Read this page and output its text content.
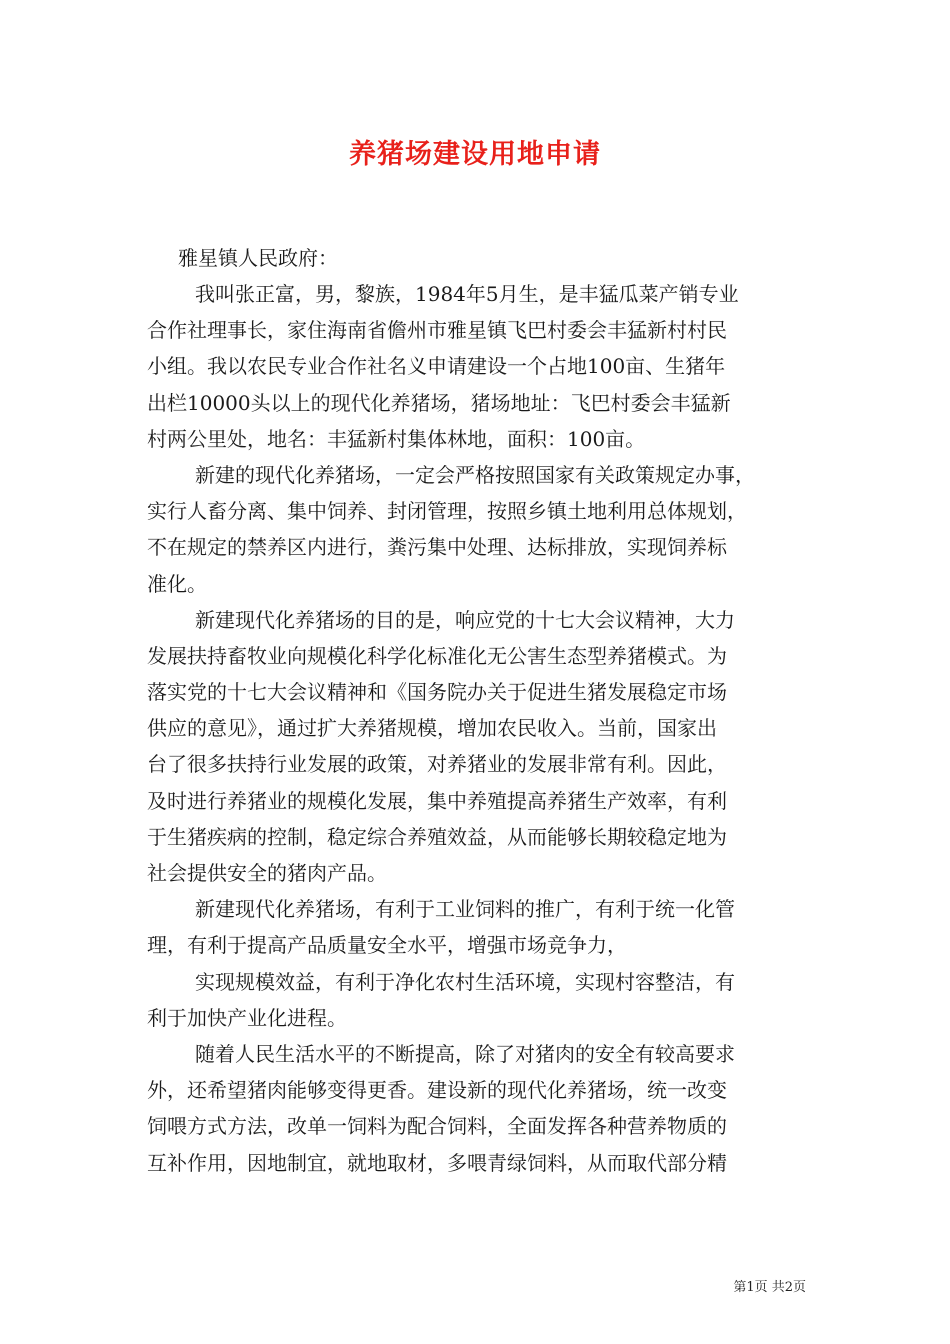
养猪场建设用地申请
雅星镇人民政府：
我叫张正富，男，黎族，1984年5月生，是丰猛瓜菜产销专业
合作社理事长，家住海南省儋州市雅星镇飞巴村委会丰猛新村村民
小组。我以农民专业合作社名义申请建设一个占地100亩、生猪年
出栏10000头以上的现代化养猪场，猪场地址：飞巴村委会丰猛新
村两公里处，地名：丰猛新村集体林地，面积：100亩。
新建的现代化养猪场，一定会严格按照国家有关政策规定办事，
实行人畜分离、集中饲养、封闭管理，按照乡镇土地利用总体规划，
不在规定的禁养区内进行，粪污集中处理、达标排放，实现饲养标
准化。
新建现代化养猪场的目的是，响应党的十七大会议精神，大力
发展扶持畜牧业向规模化科学化标准化无公害生态型养猪模式。为
落实党的十七大会议精神和《国务院办关于促进生猪发展稳定市场
供应的意见》，通过扩大养猪规模，增加农民收入。当前，国家出
台了很多扶持行业发展的政策，对养猪业的发展非常有利。因此，
及时进行养猪业的规模化发展，集中养殖提高养猪生产效率，有利
于生猪疾病的控制，稳定综合养殖效益，从而能够长期较稳定地为
社会提供安全的猪肉产品。
新建现代化养猪场，有利于工业饲料的推广，有利于统一化管
理，有利于提高产品质量安全水平，增强市场竞争力，
实现规模效益，有利于净化农村生活环境，实现村容整洁，有
利于加快产业化进程。
随着人民生活水平的不断提高，除了对猪肉的安全有较高要求
外，还希望猪肉能够变得更香。建设新的现代化养猪场，统一改变
饲喂方式方法，改单一饲料为配合饲料，全面发挥各种营养物质的
互补作用，因地制宜，就地取材，多喂青绿饲料，从而取代部分精
第1页 共2页
